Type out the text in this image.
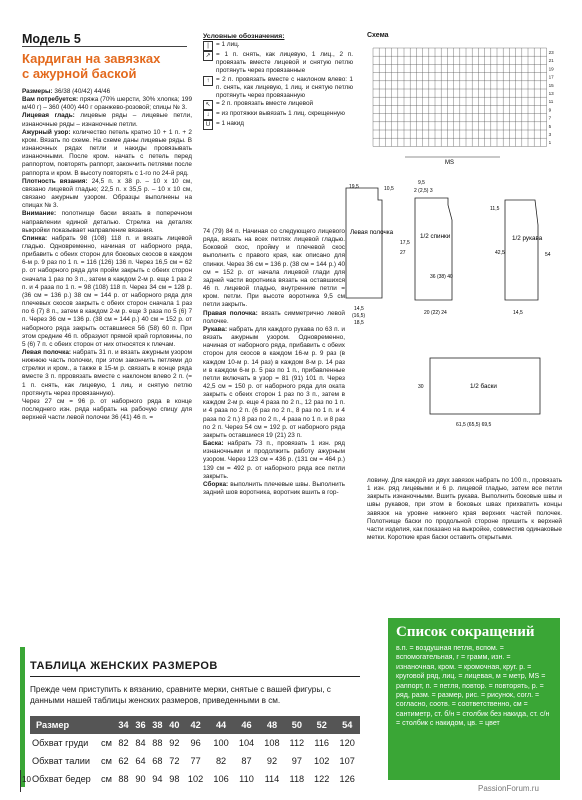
Модель 5
Кардиган на завязках
с ажурной баской
Размеры: 36/38 (40/42) 44/46
Вам потребуется: пряжа (70% шерсти, 30% хлопка; 199 м/40 г) – 360 (400) 440 г оранжево-розовой; спицы № 3.
Лицевая гладь: лицевые ряды – лицевые петли, изнаночные ряды – изнаночные петли.
Ажурный узор: количество петель кратно 10 + 1 п. + 2 кром. Вязать по схеме. На схеме даны лицевые ряды. В изнаночных рядах петли и накиды провязывать изнаночными. После кром. начать с петель перед раппортом, повторять раппорт, закончить петлями после раппорта и кром. В высоту повторять с 1-го по 24-й ряд.
Плотность вязания: 24,5 п. x 38 р. – 10 x 10 см, связано лицевой гладью; 22,5 п. x 35,5 р. – 10 x 10 см, связано ажурным узором. Образцы выполнены на спицах № 3.
Внимание: полотнище баски вязать в поперечном направлении единой деталью. Стрелка на деталях выкройки показывает направление вязания.
Спинка: набрать 98 (108) 118 п. и вязать лицевой гладью. Одновременно, начиная от наборного ряда, прибавить с обеих сторон для боковых скосов в каждом 6-м р. 9 раз по 1 п. = 116 (126) 136 п. Через 16,5 см = 62 р. от наборного ряда для пройм закрыть с обеих сторон сначала 1 раз по 3 п., затем в каждом 2-м р. еще 1 раз 2 п. и 4 раза по 1 п. = 98 (108) 118 п. Через 34 см = 128 р. (36 см = 136 р.) 38 см = 144 р. от наборного ряда для плечевых скосов закрыть с обеих сторон сначала 1 раз по 6 (7) 8 п., затем в каждом 2-м р. еще 3 раза по 5 (6) 7 п. Через 36 см = 136 р. (38 см = 144 р.) 40 см = 152 р. от наборного ряда закрыть оставшиеся 56 (58) 60 п. При этом средние 46 п. образуют прямой край горловины, по 5 (6) 7 п. с обеих сторон от них относятся к плечам.
Левая полочка: набрать 31 п. и вязать ажурным узором нижнюю часть полочки, при этом закончить петлями до стрелки и кром., а также в 15-м р. связать в конце ряда вместе 3 п. прровязать вместе с наклоном влево 2 п. (= 1 п. снять, как лицевую, 1 лиц. и снятую петлю протянуть через провязанную).
Через 27 см = 96 р. от наборного ряда в конце последнего изн. ряда набрать на рабочую спицу для верхней части левой полочки 36 (41) 46 п. =
Условные обозначения:
|	= 1 лиц.
↗ = 1 п. снять, как лицевую, 1 лиц., 2 п. провязать вместе лицевой и снятую петлю протянуть через провязанные
↑	= 2 п. провязать вместе с наклоном влево: 1 п. снять, как лицевую, 1 лиц. и снятую петлю протянуть через провязанную
↖ = 2 п. провязать вместе лицевой
↓	= из протяжки вывязать 1 лиц. скрещенную
U = 1 накид
74 (79) 84 п. Начиная со следующего лицевого ряда, вязать на всех петлях лицевой гладью. Боковой скос, пройму и плечевой скос выполнить с правого края, как описано для спинки. Через 36 см = 136 р. (38 см = 144 р.) 40 см = 152 р. от начала лицевой глади для задней части воротника вязать на оставшихся 46 п. лицевой гладью, внутренние петли = кром. петли. При высоте воротника 9,5 см петли закрыть.
Правая полочка: вязать симметрично левой полочке.
Рукава: набрать для каждого рукава по 63 п. и вязать ажурным узором. Одновременно, начиная от наборного ряда, прибавить с обеих сторон для скосов в каждом 16-м р. 9 раз (в каждом 10-м р. 14 раз) в каждом 8-м р. 14 раз и в каждом 6-м р. 5 раз по 1 п., прибавленные петли включать в узор = 81 (91) 101 п. Через 42,5 см = 150 р. от наборного ряда для оката закрыть с обеих сторон 1 раз по 3 п., затем в каждом 2-м р. еще 4 раза по 2 п., 12 раз по 1 п. и 4 раза по 2 п. (6 раз по 2 п., 8 раз по 1 п. и 4 раза по 2 п.) 8 раз по 2 п., 4 раза по 1 п. и 8 раз по 2 п. Через 54 см = 192 р. от наборного ряда закрыть оставшиеся 19 (21) 23 п.
Баска: набрать 73 п., провязать 1 изн. ряд изнаночными и продолжить работу ажурным узором. Через 123 см = 436 р. (131 см = 464 р.) 139 см = 492 р. от наборного ряда все петли закрыть.
Сборка: выполнить плечевые швы. Выполнить задний шов воротника, воротник вшить в гор-
ловину. Для каждой из двух завязок набрать по 100 п., провязать 1 изн. ряд лицевыми и 6 р. лицевой гладью, затем все петли закрыть изнаночными. Вшить рукава. Выполнить боковые швы и швы рукавов, при этом в боковых швах прихватить концы завязок на уровне нижнего края верхних частей полочек. Полотнище баски по продольной стороне пришить к верхней части изделия, как показано на выкройке, совместив одинаковые метки. Короткие края баски оставить открытыми.
Схема
23
21
19
17
15
13
11
9
7
5
3
1
MS
Левая полочка
19,5	10,5
17,5
27
14,5
(16,5)
18,5
1/2 спинки
2 (2,5) 3
9,5
20 (22) 24
36 (38) 40
1/2 рукава
42,5	54
11,5
14,5
1/2 баски
30
61,5 (65,5) 69,5
ТАБЛИЦА ЖЕНСКИХ РАЗМЕРОВ
Прежде чем приступить к вязанию, сравните мерки, снятые с вашей фигуры, с данными нашей таблицы женских размеров, приведенными в см.
Размер		34	36	38	40	42	44	46	48	50	52	54
Обхват груди	см	82	84	88	92	96	100	104	108	112	116	120
Обхват талии	см	62	64	68	72	77	82	87	92	97	102	107
Обхват бедер	см	88	90	94	98	102	106	110	114	118	122	126
Список сокращений
в.п. = воздушная петля, вспом. = вспомогательная, г = грамм, изн. = изнаночная, кром. = кромочная, круг. р. = круговой ряд, лиц. = лицевая, м = метр, MS = раппорт, п. = петля, повтор. = повторять, р. = ряд, разм. = размер, рис. = рисунок, согл. = согласно, соотв. = соответственно, см = сантиметр, ст. б/н = столбик без накида, ст. с/н = столбик с накидом, цв. = цвет
10
PassionForum.ru
